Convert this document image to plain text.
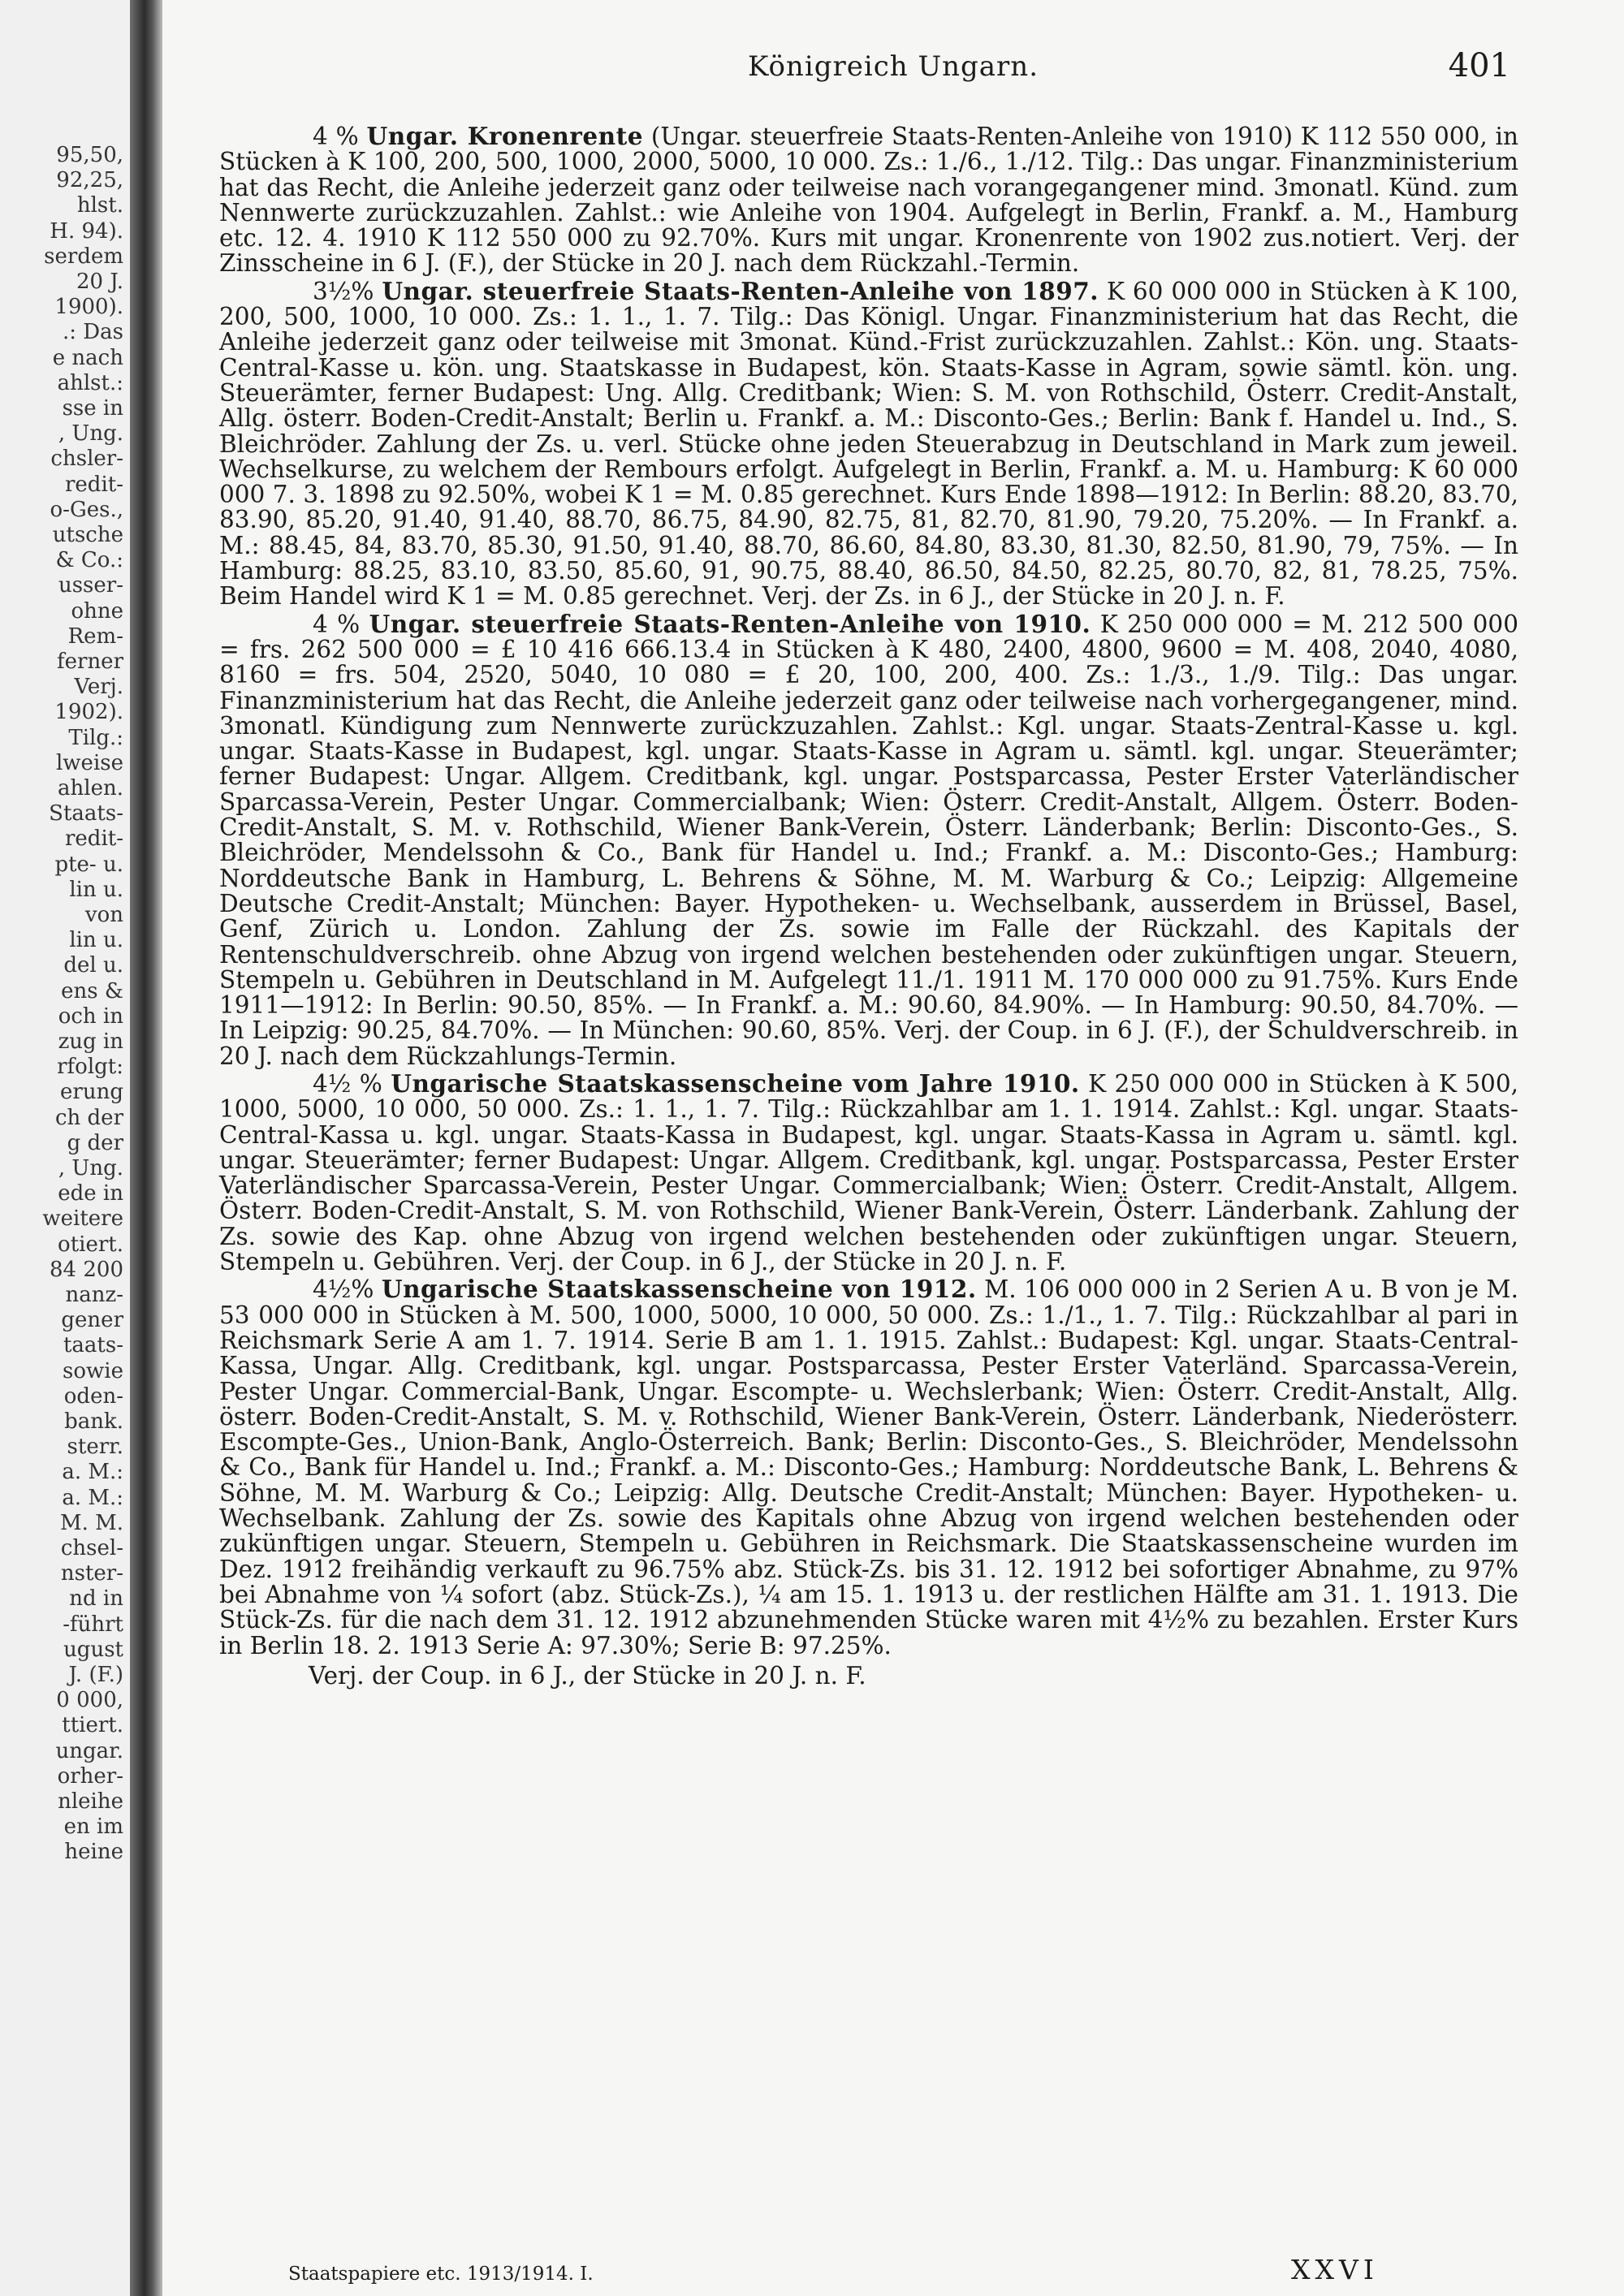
95,50,
92,25,
hlst.
H. 94).
serdem
20 J.
1900).
.: Das
e nach
ahlst.:
sse in
, Ung.
chsler-
redit-
o-Ges.,
utsche
& Co.:
usser-
ohne
Rem-
ferner
Verj.
1902).
Tilg.:
lweise
ahlen.
Staats-
redit-
pte- u.
lin u.
von
lin u.
del u.
ens &
och in
zug in
rfolgt:
erung
ch der
g der
, Ung.
ede in
weitere
otiert.
84 200
nanz-
gener
taats-
sowie
oden-
bank.
sterr.
a. M.:
a. M.:
M. M.
chsel-
nster-
nd in
-führt
ugust
J. (F.)
0 000,
ttiert.
ungar.
orher-
nleihe
en im
heine
Königreich Ungarn.	401

4 % Ungar. Kronenrente (Ungar. steuerfreie Staats-Renten-Anleihe von 1910) K 112 550 000, in Stücken à K 100, 200, 500, 1000, 2000, 5000, 10 000. Zs.: 1./6., 1./12. Tilg.: Das ungar. Finanzministerium hat das Recht, die Anleihe jederzeit ganz oder teilweise nach vorangegangener mind. 3monatl. Künd. zum Nennwerte zurückzuzahlen. Zahlst.: wie Anleihe von 1904. Aufgelegt in Berlin, Frankf. a. M., Hamburg etc. 12. 4. 1910 K 112 550 000 zu 92.70%. Kurs mit ungar. Kronenrente von 1902 zus.notiert. Verj. der Zinsscheine in 6 J. (F.), der Stücke in 20 J. nach dem Rückzahl.-Termin.

3½% Ungar. steuerfreie Staats-Renten-Anleihe von 1897. K 60 000 000 in Stücken à K 100, 200, 500, 1000, 10 000. Zs.: 1. 1., 1. 7. Tilg.: Das Königl. Ungar. Finanzministerium hat das Recht, die Anleihe jederzeit ganz oder teilweise mit 3monat. Künd.-Frist zurückzuzahlen. Zahlst.: Kön. ung. Staats-Central-Kasse u. kön. ung. Staatskasse in Budapest, kön. Staats-Kasse in Agram, sowie sämtl. kön. ung. Steuerämter, ferner Budapest: Ung. Allg. Creditbank; Wien: S. M. von Rothschild, Österr. Credit-Anstalt, Allg. österr. Boden-Credit-Anstalt; Berlin u. Frankf. a. M.: Disconto-Ges.; Berlin: Bank f. Handel u. Ind., S. Bleichröder. Zahlung der Zs. u. verl. Stücke ohne jeden Steuerabzug in Deutschland in Mark zum jeweil. Wechselkurse, zu welchem der Rembours erfolgt. Aufgelegt in Berlin, Frankf. a. M. u. Hamburg: K 60 000 000 7. 3. 1898 zu 92.50%, wobei K 1 = M. 0.85 gerechnet. Kurs Ende 1898—1912: In Berlin: 88.20, 83.70, 83.90, 85.20, 91.40, 91.40, 88.70, 86.75, 84.90, 82.75, 81, 82.70, 81.90, 79.20, 75.20%. — In Frankf. a. M.: 88.45, 84, 83.70, 85.30, 91.50, 91.40, 88.70, 86.60, 84.80, 83.30, 81.30, 82.50, 81.90, 79, 75%. — In Hamburg: 88.25, 83.10, 83.50, 85.60, 91, 90.75, 88.40, 86.50, 84.50, 82.25, 80.70, 82, 81, 78.25, 75%. Beim Handel wird K 1 = M. 0.85 gerechnet. Verj. der Zs. in 6 J., der Stücke in 20 J. n. F.

4 % Ungar. steuerfreie Staats-Renten-Anleihe von 1910. K 250 000 000 = M. 212 500 000 = frs. 262 500 000 = £ 10 416 666.13.4 in Stücken à K 480, 2400, 4800, 9600 = M. 408, 2040, 4080, 8160 = frs. 504, 2520, 5040, 10 080 = £ 20, 100, 200, 400. Zs.: 1./3., 1./9. Tilg.: Das ungar. Finanzministerium hat das Recht, die Anleihe jederzeit ganz oder teilweise nach vorhergegangener, mind. 3monatl. Kündigung zum Nennwerte zurückzuzahlen. Zahlst.: Kgl. ungar. Staats-Zentral-Kasse u. kgl. ungar. Staats-Kasse in Budapest, kgl. ungar. Staats-Kasse in Agram u. sämtl. kgl. ungar. Steuerämter; ferner Budapest: Ungar. Allgem. Creditbank, kgl. ungar. Postsparcassa, Pester Erster Vaterländischer Sparcassa-Verein, Pester Ungar. Commercialbank; Wien: Österr. Credit-Anstalt, Allgem. Österr. Boden-Credit-Anstalt, S. M. v. Rothschild, Wiener Bank-Verein, Österr. Länderbank; Berlin: Disconto-Ges., S. Bleichröder, Mendelssohn & Co., Bank für Handel u. Ind.; Frankf. a. M.: Disconto-Ges.; Hamburg: Norddeutsche Bank in Hamburg, L. Behrens & Söhne, M. M. Warburg & Co.; Leipzig: Allgemeine Deutsche Credit-Anstalt; München: Bayer. Hypotheken- u. Wechselbank, ausserdem in Brüssel, Basel, Genf, Zürich u. London. Zahlung der Zs. sowie im Falle der Rückzahl. des Kapitals der Rentenschuldverschreib. ohne Abzug von irgend welchen bestehenden oder zukünftigen ungar. Steuern, Stempeln u. Gebühren in Deutschland in M. Aufgelegt 11./1. 1911 M. 170 000 000 zu 91.75%. Kurs Ende 1911—1912: In Berlin: 90.50, 85%. — In Frankf. a. M.: 90.60, 84.90%. — In Hamburg: 90.50, 84.70%. — In Leipzig: 90.25, 84.70%. — In München: 90.60, 85%. Verj. der Coup. in 6 J. (F.), der Schuldverschreib. in 20 J. nach dem Rückzahlungs-Termin.

4½ % Ungarische Staatskassenscheine vom Jahre 1910. K 250 000 000 in Stücken à K 500, 1000, 5000, 10 000, 50 000. Zs.: 1. 1., 1. 7. Tilg.: Rückzahlbar am 1. 1. 1914. Zahlst.: Kgl. ungar. Staats-Central-Kassa u. kgl. ungar. Staats-Kassa in Budapest, kgl. ungar. Staats-Kassa in Agram u. sämtl. kgl. ungar. Steuerämter; ferner Budapest: Ungar. Allgem. Creditbank, kgl. ungar. Postsparcassa, Pester Erster Vaterländischer Sparcassa-Verein, Pester Ungar. Commercialbank; Wien: Österr. Credit-Anstalt, Allgem. Österr. Boden-Credit-Anstalt, S. M. von Rothschild, Wiener Bank-Verein, Österr. Länderbank. Zahlung der Zs. sowie des Kap. ohne Abzug von irgend welchen bestehenden oder zukünftigen ungar. Steuern, Stempeln u. Gebühren. Verj. der Coup. in 6 J., der Stücke in 20 J. n. F.

4½% Ungarische Staatskassenscheine von 1912. M. 106 000 000 in 2 Serien A u. B von je M. 53 000 000 in Stücken à M. 500, 1000, 5000, 10 000, 50 000. Zs.: 1./1., 1. 7. Tilg.: Rückzahlbar al pari in Reichsmark Serie A am 1. 7. 1914. Serie B am 1. 1. 1915. Zahlst.: Budapest: Kgl. ungar. Staats-Central-Kassa, Ungar. Allg. Creditbank, kgl. ungar. Postsparcassa, Pester Erster Vaterländ. Sparcassa-Verein, Pester Ungar. Commercial-Bank, Ungar. Escompte- u. Wechslerbank; Wien: Österr. Credit-Anstalt, Allg. österr. Boden-Credit-Anstalt, S. M. v. Rothschild, Wiener Bank-Verein, Österr. Länderbank, Niederösterr. Escompte-Ges., Union-Bank, Anglo-Österreich. Bank; Berlin: Disconto-Ges., S. Bleichröder, Mendelssohn & Co., Bank für Handel u. Ind.; Frankf. a. M.: Disconto-Ges.; Hamburg: Norddeutsche Bank, L. Behrens & Söhne, M. M. Warburg & Co.; Leipzig: Allg. Deutsche Credit-Anstalt; München: Bayer. Hypotheken- u. Wechselbank. Zahlung der Zs. sowie des Kapitals ohne Abzug von irgend welchen bestehenden oder zukünftigen ungar. Steuern, Stempeln u. Gebühren in Reichsmark. Die Staatskassenscheine wurden im Dez. 1912 freihändig verkauft zu 96.75% abz. Stück-Zs. bis 31. 12. 1912 bei sofortiger Abnahme, zu 97% bei Abnahme von ¼ sofort (abz. Stück-Zs.), ¼ am 15. 1. 1913 u. der restlichen Hälfte am 31. 1. 1913. Die Stück-Zs. für die nach dem 31. 12. 1912 abzunehmenden Stücke waren mit 4½% zu bezahlen. Erster Kurs in Berlin 18. 2. 1913 Serie A: 97.30%; Serie B: 97.25%.

Verj. der Coup. in 6 J., der Stücke in 20 J. n. F.
Staatspapiere etc. 1913/1914. I.	XXVI
